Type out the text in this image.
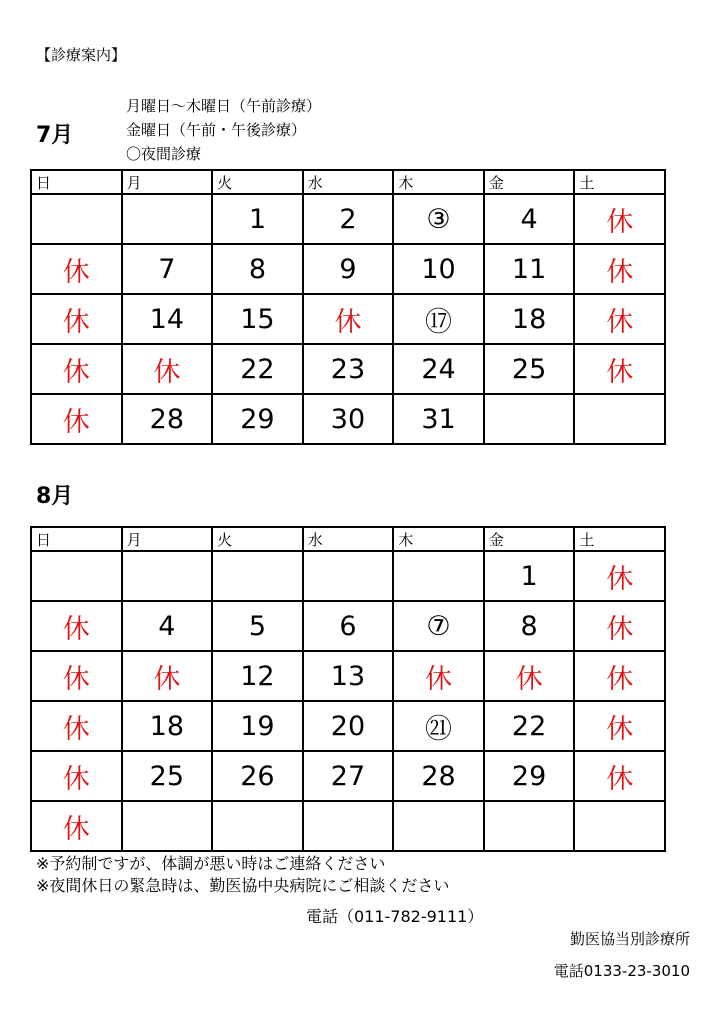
【診療案内】
7月
月曜日〜木曜日（午前診療）
金曜日（午前・午後診療）
〇夜間診療
日	月	火	水	木	金	土
		1	2	③	4	休
休	7	8	9	10	11	休
休	14	15	休	⑰	18	休
休	休	22	23	24	25	休
休	28	29	30	31		
8月
日	月	火	水	木	金	土
					1	休
休	4	5	6	⑦	8	休
休	休	12	13	休	休	休
休	18	19	20	㉑	22	休
休	25	26	27	28	29	休
休						
※予約制ですが、体調が悪い時はご連絡ください
※夜間休日の緊急時は、勤医協中央病院にご相談ください
電話（011-782-9111）
勤医協当別診療所
電話0133-23-3010
